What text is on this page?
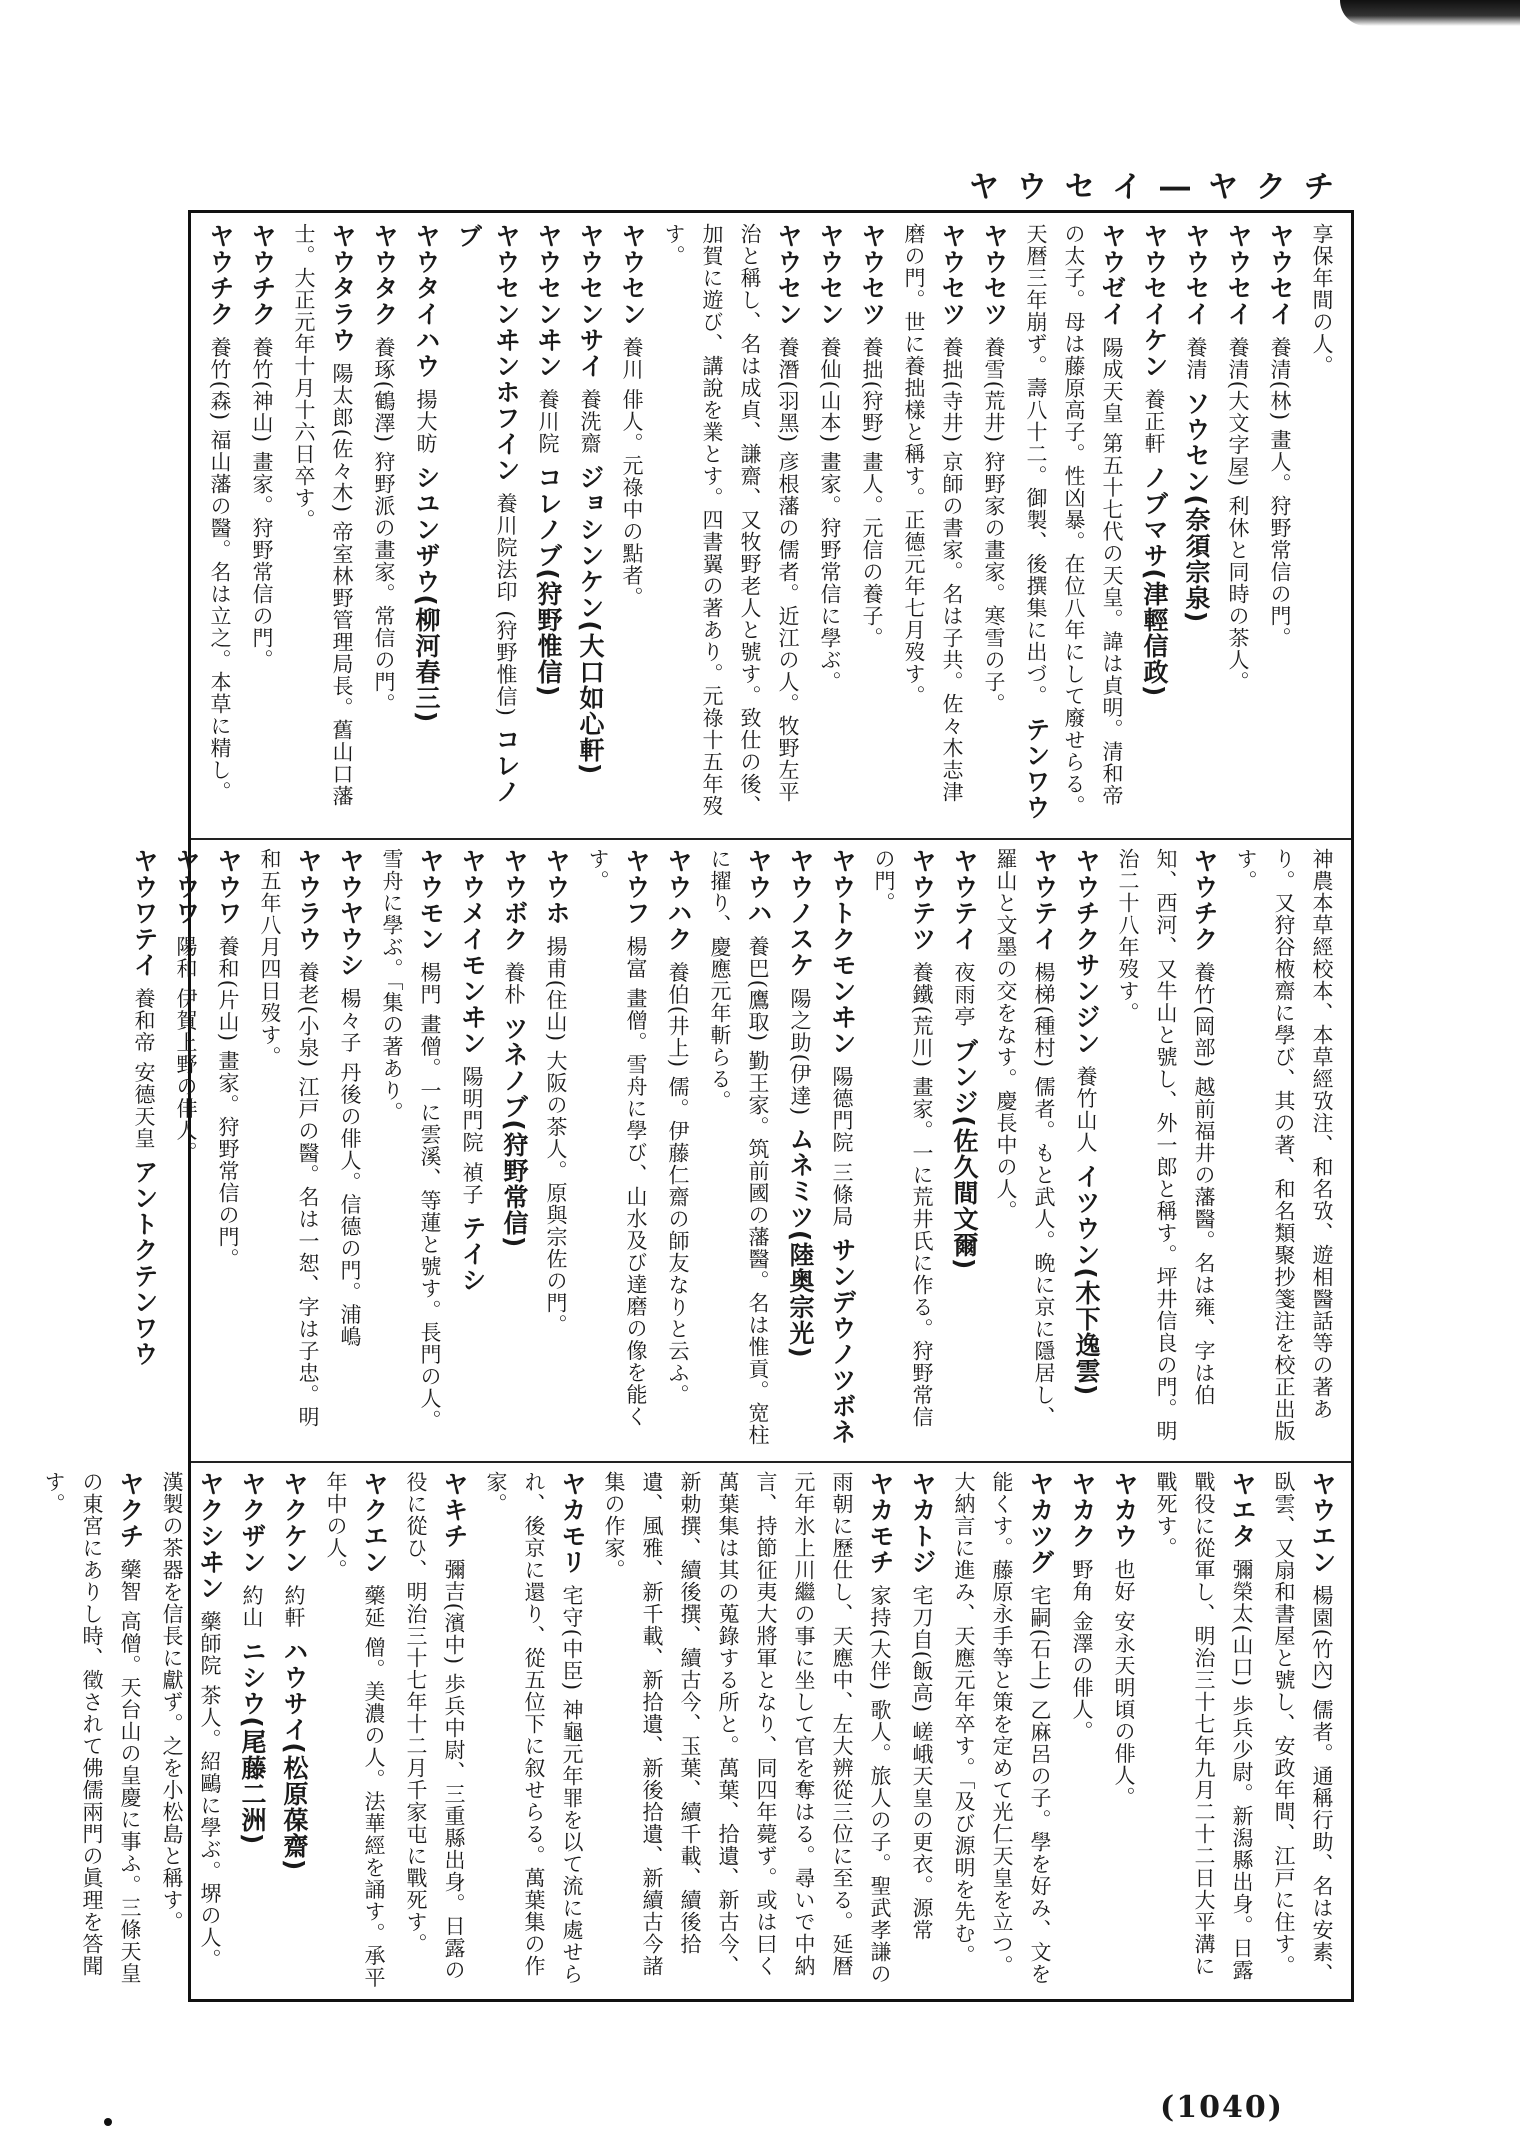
ヤウセイ―ヤクチ
享保年間の人。
ヤウセイ 養清(林) 畫人。狩野常信の門。
ヤウセイ 養清(大文字屋) 利休と同時の茶人。
ヤウセイ 養清 ソウセン(奈須宗泉)
ヤウセイケン 養正軒 ノブマサ(津輕信政)
ヤウゼイ 陽成天皇 第五十七代の天皇。諱は貞明。清和帝の太子。母は藤原高子。性凶暴。在位八年にして廢せらる。天暦三年崩ず。壽八十二。御製、後撰集に出づ。 テンワウ
ヤウセツ 養雪(荒井) 狩野家の畫家。寒雪の子。
ヤウセツ 養拙(寺井) 京師の書家。名は子共。佐々木志津磨の門。世に養拙樣と稱す。正德元年七月歿す。
ヤウセツ 養拙(狩野) 畫人。元信の養子。
ヤウセン 養仙(山本) 畫家。狩野常信に學ぶ。
ヤウセン 養潛(羽黑) 彦根藩の儒者。近江の人。牧野左平治と稱し、名は成貞、謙齋、又牧野老人と號す。致仕の後、加賀に遊び、講說を業とす。四書翼の著あり。元祿十五年歿す。
ヤウセン 養川 俳人。元祿中の點者。
ヤウセンサイ 養洗齋 ジョシンケン(大口如心軒)
ヤウセンヰン 養川院 コレノブ(狩野惟信)
ヤウセンヰンホフイン 養川院法印 (狩野惟信) コレノブ
ヤウタイハウ 揚大昉 シユンザウ(柳河春三)
ヤウタク 養琢(鶴澤) 狩野派の畫家。常信の門。
ヤウタラウ 陽太郎(佐々木) 帝室林野管理局長。舊山口藩士。大正元年十月十六日卒す。
ヤウチク 養竹(神山) 畫家。狩野常信の門。
ヤウチク 養竹(森) 福山藩の醫。名は立之。本草に精し。
神農本草經校本、本草經攷注、和名攷、遊相醫話等の著あり。又狩谷棭齋に學び、其の著、和名類聚抄箋注を校正出版す。
ヤウチク 養竹(岡部) 越前福井の藩醫。名は雍、字は伯知、西河、又牛山と號し、外一郎と稱す。坪井信良の門。明治二十八年歿す。
ヤウチクサンジン 養竹山人 イツウン(木下逸雲)
ヤウテイ 楊梯(種村) 儒者。もと武人。晩に京に隱居し、羅山と文墨の交をなす。慶長中の人。
ヤウテイ 夜雨亭 ブンジ(佐久間文爾)
ヤウテツ 養鐵(荒川) 畫家。一に荒井氏に作る。狩野常信の門。
ヤウトクモンヰン 陽德門院 三條局 サンデウノツボネ
ヤウノスケ 陽之助(伊達) ムネミツ(陸奥宗光)
ヤウハ 養巴(鷹取) 勤王家。筑前國の藩醫。名は惟貢。宽柱に擢り、慶應元年斬らる。
ヤウハク 養伯(井上) 儒。伊藤仁齋の師友なりと云ふ。
ヤウフ 楊富 畫僧。雪舟に學び、山水及び達磨の像を能くす。
ヤウホ 揚甫(住山) 大阪の茶人。原與宗佐の門。
ヤウボク 養朴 ツネノブ(狩野常信)
ヤウメイモンヰン 陽明門院 禎子 テイシ
ヤウモン 楊門 畫僧。一に雲溪、等蓮と號す。長門の人。雪舟に學ぶ。「集の著あり。
ヤウヤウシ 楊々子 丹後の俳人。信德の門。浦嶋
ヤウラウ 養老(小泉) 江戸の醫。名は一恕、字は子忠。明和五年八月四日歿す。
ヤウワ 養和(片山) 畫家。狩野常信の門。
ヤウワ 陽和 伊賀上野の俳人。
ヤウワテイ 養和帝 安德天皇 アントクテンワウ
ヤウエン 楊園(竹內) 儒者。通稱行助、名は安素、臥雲、又扇和書屋と號し、安政年間、江戸に住す。
ヤエタ 彌榮太(山口) 歩兵少尉。新潟縣出身。日露戰役に從軍し、明治三十七年九月二十二日大平溝に戰死す。
ヤカウ 也好 安永天明頃の俳人。
ヤカク 野角 金澤の俳人。
ヤカツグ 宅嗣(石上) 乙麻呂の子。學を好み、文を能くす。藤原永手等と策を定めて光仁天皇を立つ。大納言に進み、天應元年卒す。「及び源明を先む。
ヤカトジ 宅刀自(飯高) 嵯峨天皇の更衣。源常
ヤカモチ 家持(大伴) 歌人。旅人の子。聖武孝謙の雨朝に歷仕し、天應中、左大辨從三位に至る。延暦元年氷上川繼の事に坐して官を奪はる。尋いで中納言、持節征夷大將軍となり、同四年薨ず。或は曰く萬葉集は其の蒐錄する所と。萬葉、拾遺、新古今、新勅撰、續後撰、續古今、玉葉、續千載、續後拾遺、風雅、新千載、新拾遺、新後拾遺、新續古今諸集の作家。
ヤカモリ 宅守(中臣) 神龜元年罪を以て流に處せられ、後京に還り、從五位下に叙せらる。萬葉集の作家。
ヤキチ 彌吉(濱中) 歩兵中尉、三重縣出身。日露の役に從ひ、明治三十七年十二月千家屯に戰死す。
ヤクエン 藥延 僧。美濃の人。法華經を誦す。承平年中の人。
ヤクケン 約軒 ハウサイ(松原葆齋)
ヤクザン 約山 ニシウ(尾藤二洲)
ヤクシヰン 藥師院 茶人。紹鷗に學ぶ。堺の人。漢製の茶器を信長に獻ず。之を小松島と稱す。
ヤクチ 藥智 高僧。天台山の皇慶に事ふ。三條天皇の東宮にありし時、徵されて佛儒兩門の眞理を答聞す。
(1040)
